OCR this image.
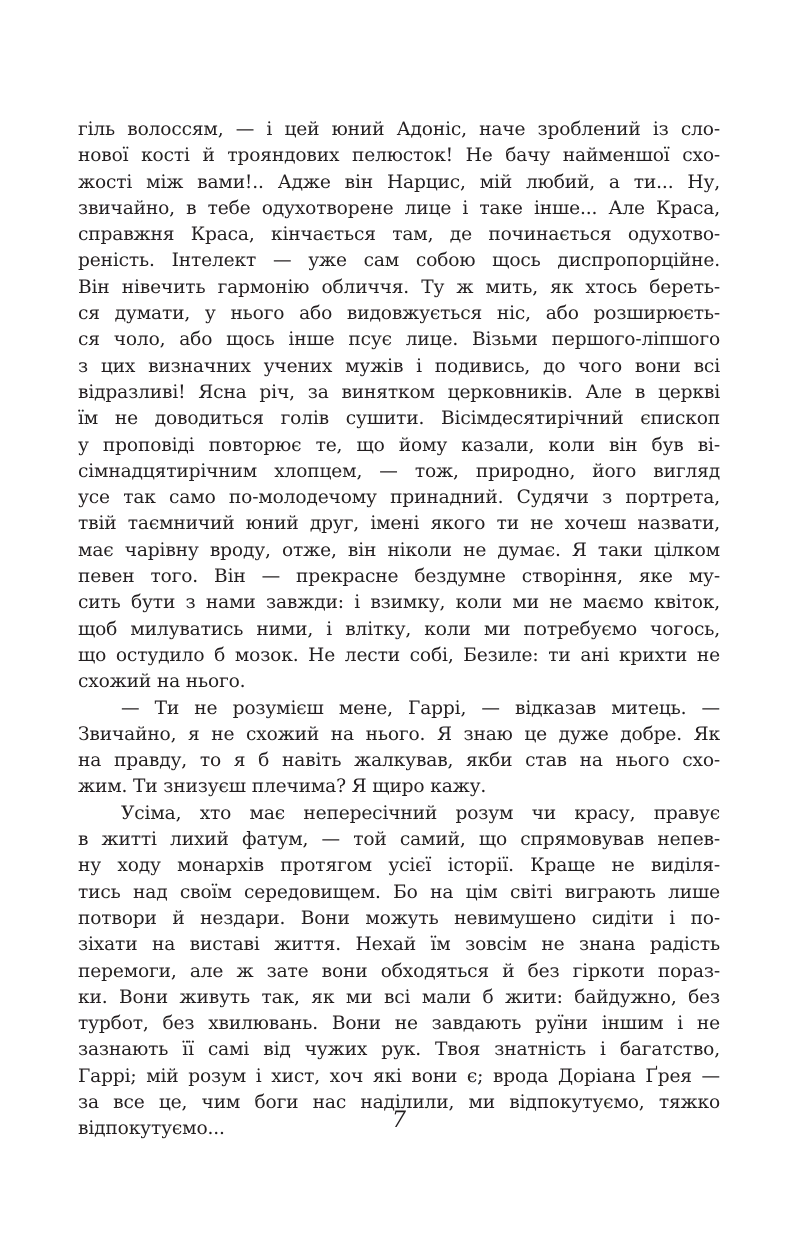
гіль волоссям, — і цей юний Адоніс, наче зроблений із сло-
нової кості й трояндових пелюсток! Не бачу найменшої схо-
жості між вами!.. Адже він Нарцис, мій любий, а ти... Ну,
звичайно, в тебе одухотворене лице і таке інше... Але Краса,
справжня Краса, кінчається там, де починається одухотво-
реність. Інтелект — уже сам собою щось диспропорційне.
Він нівечить гармонію обличчя. Ту ж мить, як хтось береть-
ся думати, у нього або видовжується ніс, або розширюєть-
ся чоло, або щось інше псує лице. Візьми першого-ліпшого
з цих визначних учених мужів і подивись, до чого вони всі
відразливі! Ясна річ, за винятком церковників. Але в церкві
їм не доводиться голів сушити. Вісімдесятирічний єпископ
у проповіді повторює те, що йому казали, коли він був ві-
сімнадцятирічним хлопцем, — тож, природно, його вигляд
усе так само по-молодечому принадний. Судячи з портрета,
твій таємничий юний друг, імені якого ти не хочеш назвати,
має чарівну вроду, отже, він ніколи не думає. Я таки цілком
певен того. Він — прекрасне бездумне створіння, яке му-
сить бути з нами завжди: і взимку, коли ми не маємо квіток,
щоб милуватись ними, і влітку, коли ми потребуємо чогось,
що остудило б мозок. Не лести собі, Безиле: ти ані крихти не
схожий на нього.
— Ти не розумієш мене, Гаррі, — відказав митець. —
Звичайно, я не схожий на нього. Я знаю це дуже добре. Як
на правду, то я б навіть жалкував, якби став на нього схо-
жим. Ти знизуєш плечима? Я щиро кажу.
Усіма, хто має непересічний розум чи красу, правує
в житті лихий фатум, — той самий, що спрямовував непев-
ну ходу монархів протягом усієї історії. Краще не виділя-
тись над своїм середовищем. Бо на цім світі виграють лише
потвори й нездари. Вони можуть невимушено сидіти і по-
зіхати на виставі життя. Нехай їм зовсім не знана радість
перемоги, але ж зате вони обходяться й без гіркоти пораз-
ки. Вони живуть так, як ми всі мали б жити: байдужно, без
турбот, без хвилювань. Вони не завдають руїни іншим і не
зазнають її самі від чужих рук. Твоя знатність і багатство,
Гаррі; мій розум і хист, хоч які вони є; врода Доріана Ґрея —
за все це, чим боги нас наділили, ми відпокутуємо, тяжко
відпокутуємо...	7
